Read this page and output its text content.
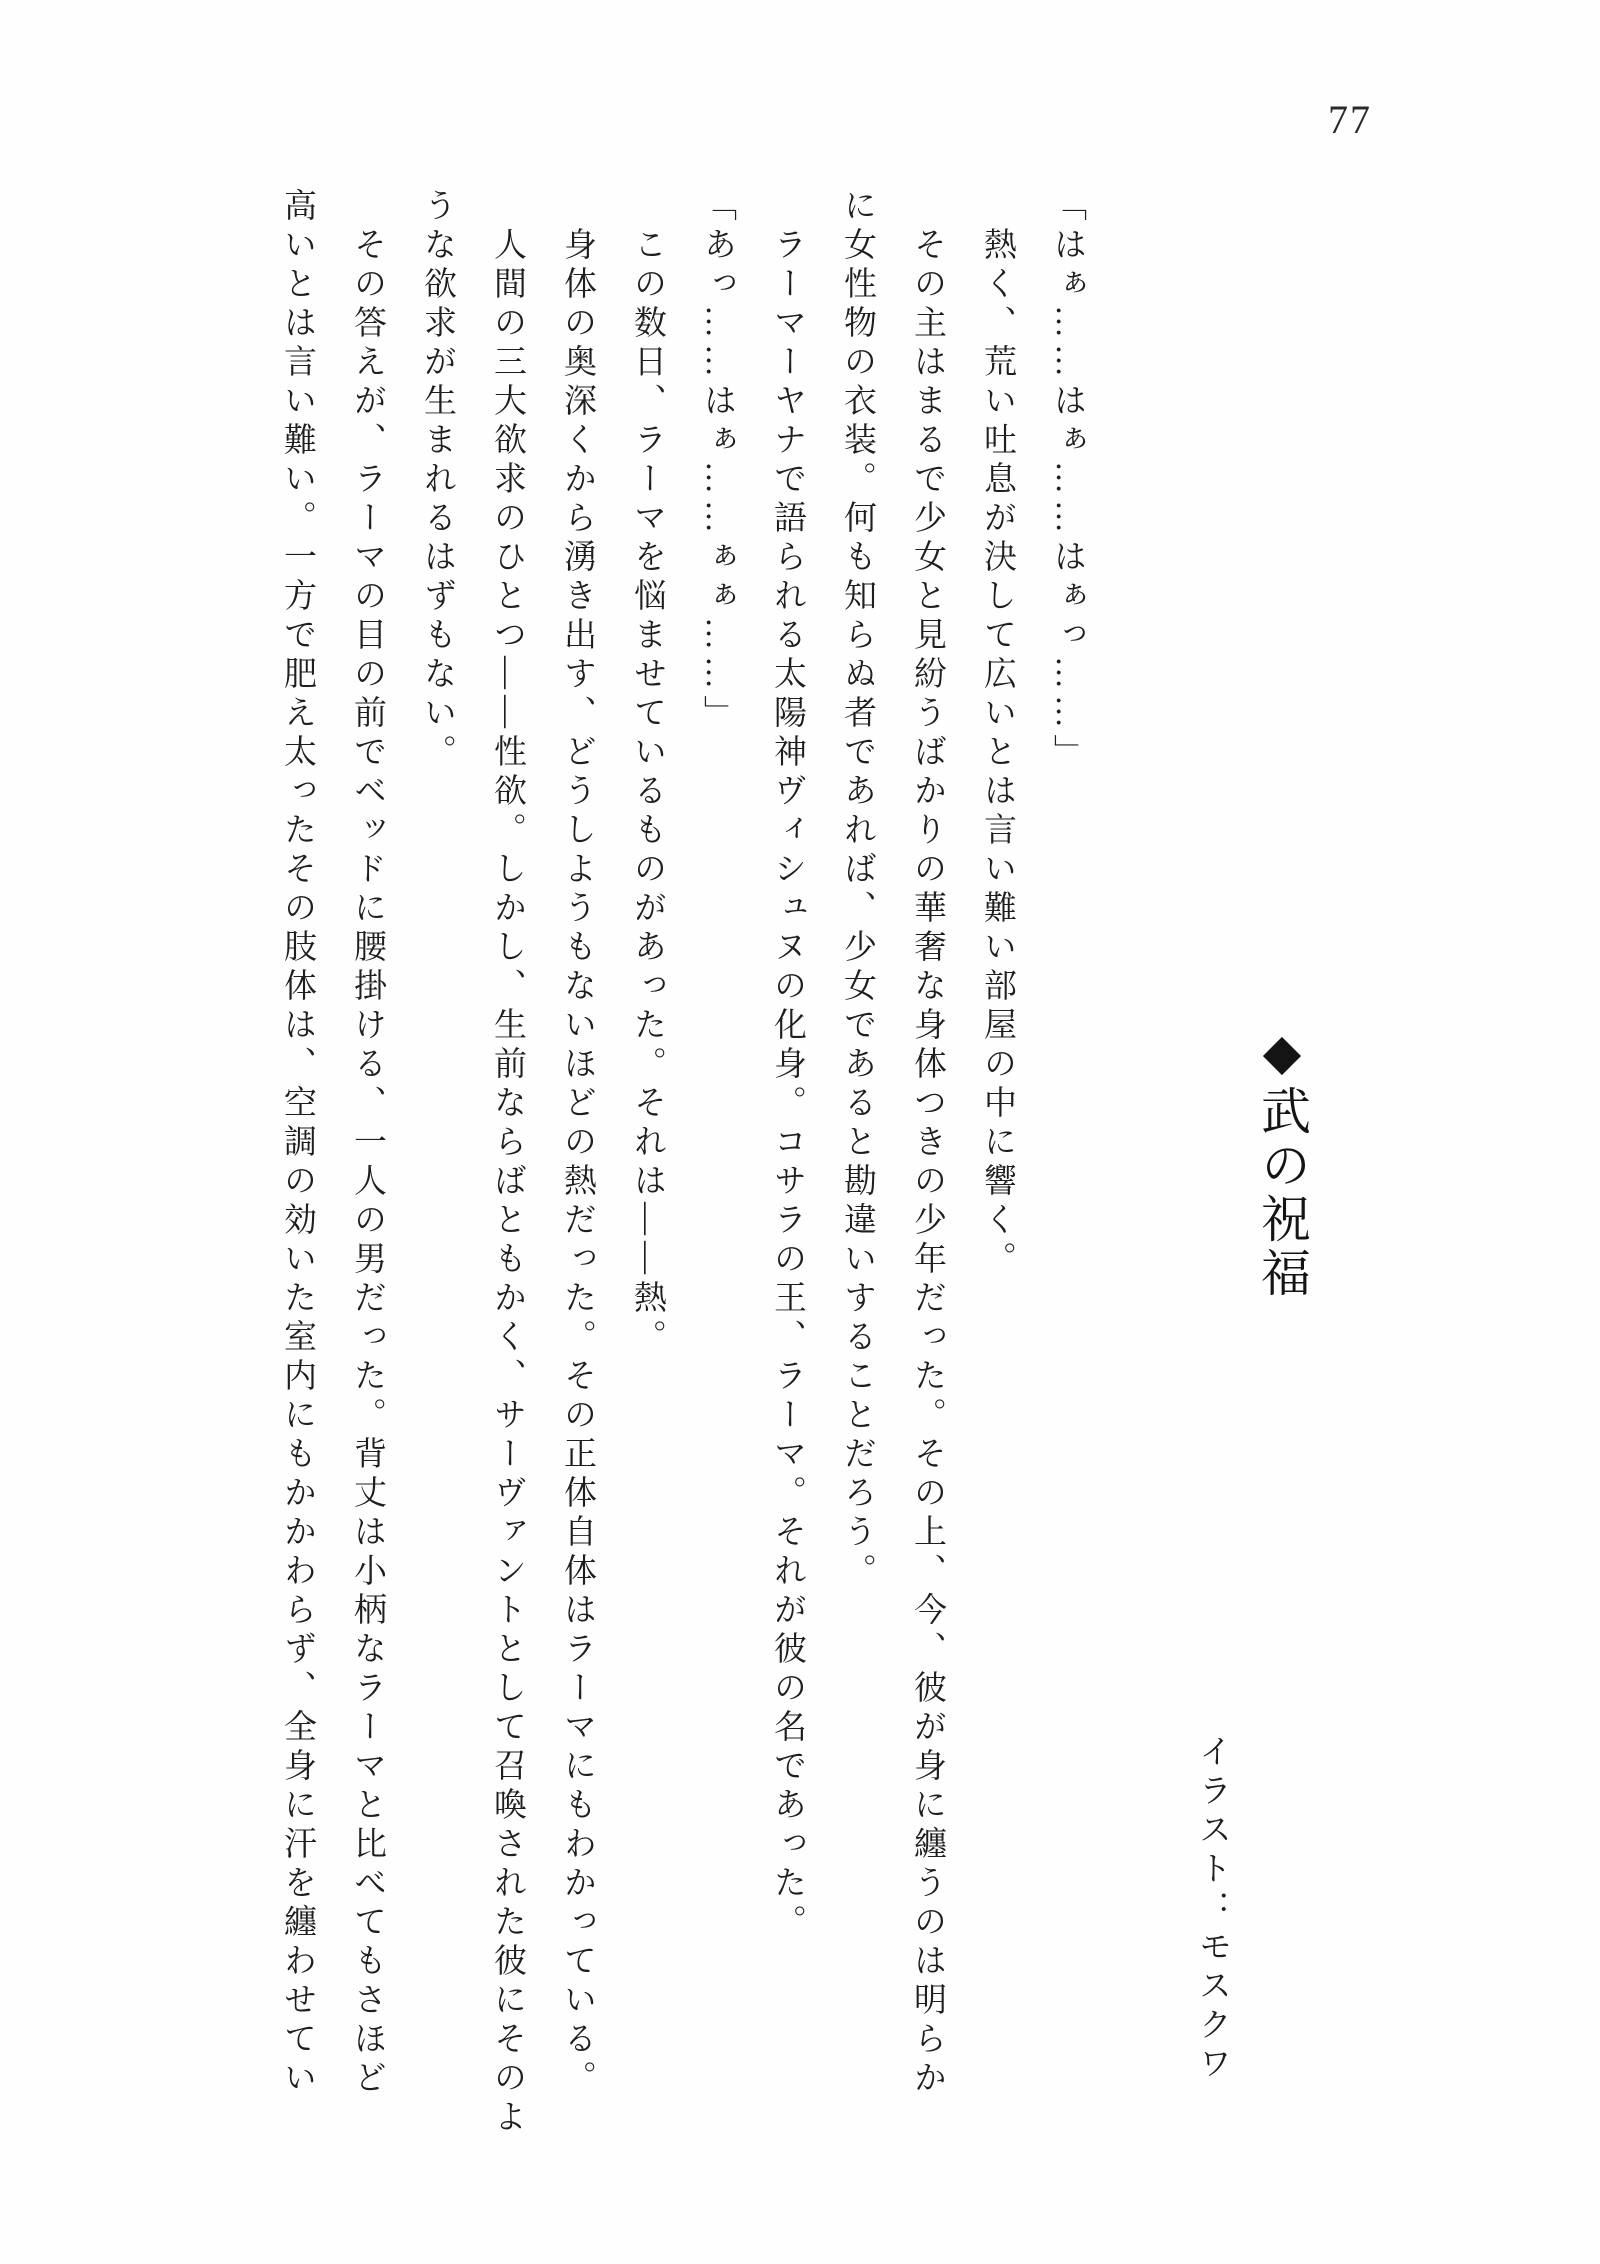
77
「はぁ……はぁ……はぁっ……」
熱く、荒い吐息が決して広いとは言い難い部屋の中に響く。
その主はまるで少女と見紛うばかりの華奢な身体つきの少年だった。その上、今、彼が身に纏うのは明らか
に女性物の衣装。何も知らぬ者であれば、少女であると勘違いすることだろう。
ラーマーヤナで語られる太陽神ヴィシュヌの化身。コサラの王、ラーマ。それが彼の名であった。
「あっ……はぁ……ぁぁ……」
この数日、ラーマを悩ませているものがあった。それは――熱。
身体の奥深くから湧き出す、どうしようもないほどの熱だった。その正体自体はラーマにもわかっている。
人間の三大欲求のひとつ――性欲。しかし、生前ならばともかく、サーヴァントとして召喚された彼にそのよ
うな欲求が生まれるはずもない。
その答えが、ラーマの目の前でベッドに腰掛ける、一人の男だった。背丈は小柄なラーマと比べてもさほど
高いとは言い難い。一方で肥え太ったその肢体は、空調の効いた室内にもかかわらず、全身に汗を纏わせてい	◆武の祝福
イラスト：モスクワ
